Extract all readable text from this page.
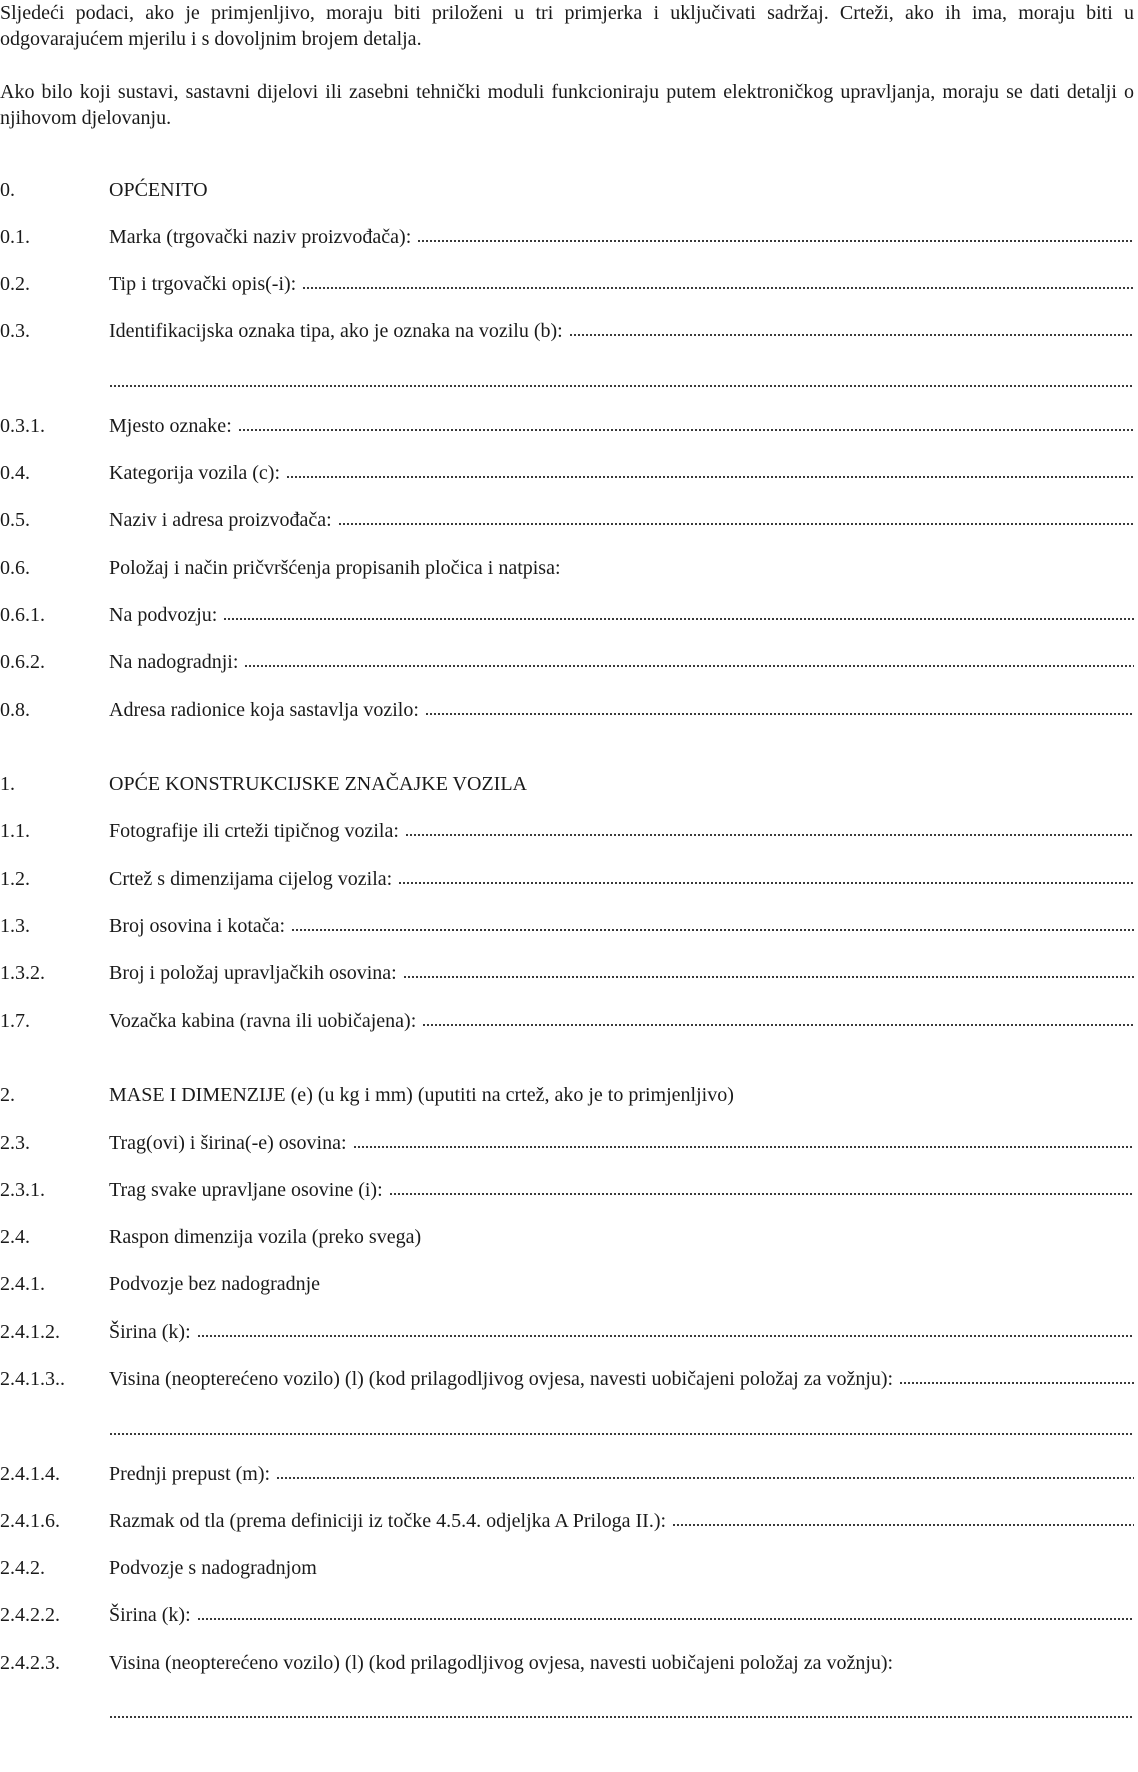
Sljedeći podaci, ako je primjenljivo, moraju biti priloženi u tri primjerka i uključivati sadržaj. Crteži, ako ih ima, moraju biti u odgovarajućem mjerilu i s dovoljnim brojem detalja.

Ako bilo koji sustavi, sastavni dijelovi ili zasebni tehnički moduli funkcioniraju putem elektroničkog upravljanja, moraju se dati detalji o njihovom djelovanju.

0.	OPĆENITO
0.1.	Marka (trgovački naziv proizvođača):
0.2.	Tip i trgovački opis(-i):
0.3.	Identifikacijska oznaka tipa, ako je oznaka na vozilu (b):
0.3.1.	Mjesto oznake:
0.4.	Kategorija vozila (c):
0.5.	Naziv i adresa proizvođača:
0.6.	Položaj i način pričvršćenja propisanih pločica i natpisa:
0.6.1.	Na podvozju:
0.6.2.	Na nadogradnji:
0.8.	Adresa radionice koja sastavlja vozilo:
1.	OPĆE KONSTRUKCIJSKE ZNAČAJKE VOZILA
1.1.	Fotografije ili crteži tipičnog vozila:
1.2.	Crtež s dimenzijama cijelog vozila:
1.3.	Broj osovina i kotača:
1.3.2.	Broj i položaj upravljačkih osovina:
1.7.	Vozačka kabina (ravna ili uobičajena):
2.	MASE I DIMENZIJE (e) (u kg i mm) (uputiti na crtež, ako je to primjenljivo)
2.3.	Trag(ovi) i širina(-e) osovina:
2.3.1.	Trag svake upravljane osovine (i):
2.4.	Raspon dimenzija vozila (preko svega)
2.4.1.	Podvozje bez nadogradnje
2.4.1.2.	Širina (k):
2.4.1.3..	Visina (neopterećeno vozilo) (l) (kod prilagodljivog ovjesa, navesti uobičajeni položaj za vožnju):
2.4.1.4.	Prednji prepust (m):
2.4.1.6.	Razmak od tla (prema definiciji iz točke 4.5.4. odjeljka A Priloga II.):
2.4.2.	Podvozje s nadogradnjom
2.4.2.2.	Širina (k):
2.4.2.3.	Visina (neopterećeno vozilo) (l) (kod prilagodljivog ovjesa, navesti uobičajeni položaj za vožnju):
